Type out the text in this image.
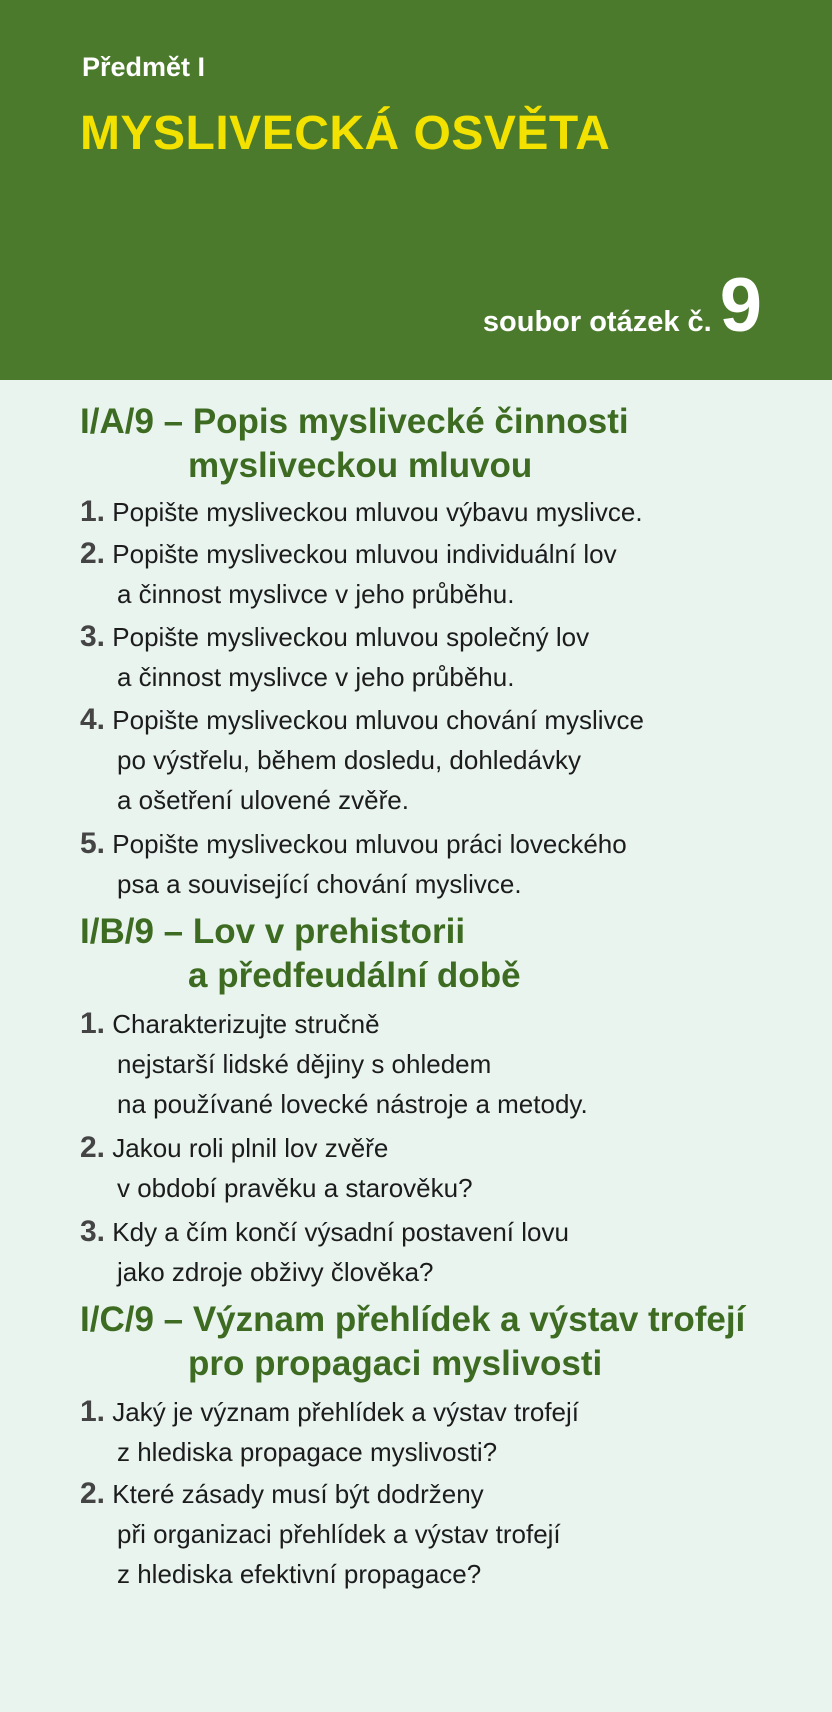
Předmět I
MYSLIVECKÁ OSVĚTA
soubor otázek č. 9
I/A/9 – Popis myslivecké činnosti
mysliveckou mluvou
1. Popište mysliveckou mluvou výbavu myslivce.
2. Popište mysliveckou mluvou individuální lov
a činnost myslivce v jeho průběhu.
3. Popište mysliveckou mluvou společný lov
a činnost myslivce v jeho průběhu.
4. Popište mysliveckou mluvou chování myslivce
po výstřelu, během dosledu, dohledávky
a ošetření ulovené zvěře.
5. Popište mysliveckou mluvou práci loveckého
psa a související chování myslivce.
I/B/9 – Lov v prehistorii
a předfeudální době
1. Charakterizujte stručně
nejstarší lidské dějiny s ohledem
na používané lovecké nástroje a metody.
2. Jakou roli plnil lov zvěře
v období pravěku a starověku?
3. Kdy a čím končí výsadní postavení lovu
jako zdroje obživy člověka?
I/C/9 – Význam přehlídek a výstav trofejí
pro propagaci myslivosti
1. Jaký je význam přehlídek a výstav trofejí
z hlediska propagace myslivosti?
2. Které zásady musí být dodrženy
při organizaci přehlídek a výstav trofejí
z hlediska efektivní propagace?
